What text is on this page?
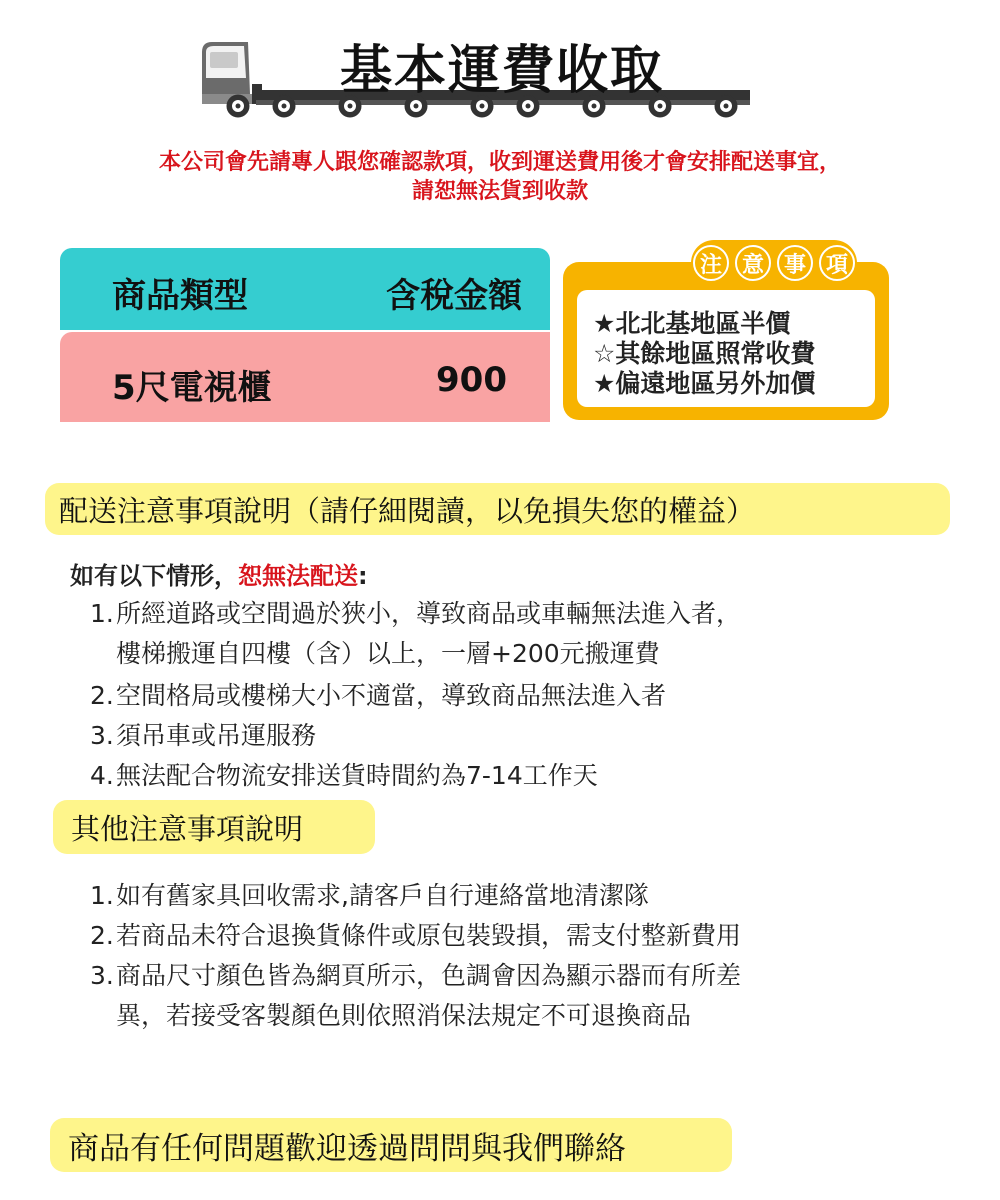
基本運費收取
本公司會先請專人跟您確認款項，收到運送費用後才會安排配送事宜，
請恕無法貨到收款
商品類型	含稅金額
5尺電視櫃	900
★北北基地區半價
☆其餘地區照常收費
★偏遠地區另外加價
注 意 事 項
配送注意事項說明（請仔細閱讀，以免損失您的權益）
如有以下情形，恕無法配送:
1.所經道路或空間過於狹小，導致商品或車輛無法進入者，
樓梯搬運自四樓（含）以上，一層+200元搬運費
2.空間格局或樓梯大小不適當，導致商品無法進入者
3.須吊車或吊運服務
4.無法配合物流安排送貨時間約為7-14工作天
其他注意事項說明
1.如有舊家具回收需求,請客戶自行連絡當地清潔隊
2.若商品未符合退換貨條件或原包裝毀損，需支付整新費用
3.商品尺寸顏色皆為網頁所示，色調會因為顯示器而有所差
異，若接受客製顏色則依照消保法規定不可退換商品
商品有任何問題歡迎透過問問與我們聯絡
